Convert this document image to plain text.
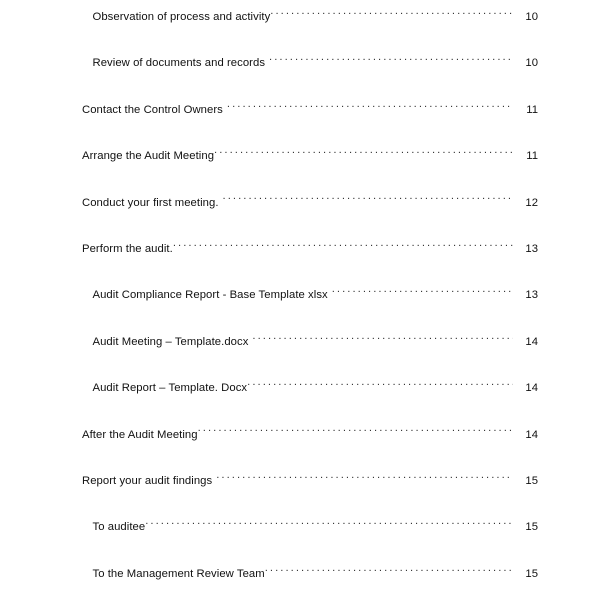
Observation of process and activity .....	10
Review of documents and records .....	10
Contact the Control Owners .....	11
Arrange the Audit Meeting .....	11
Conduct your first meeting. .....	12
Perform the audit. .....	13
Audit Compliance Report - Base Template xlsx .....	13
Audit Meeting – Template.docx .....	14
Audit Report – Template. Docx .....	14
After the Audit Meeting .....	14
Report your audit findings .....	15
To auditee .....	15
To the Management Review Team .....	15
